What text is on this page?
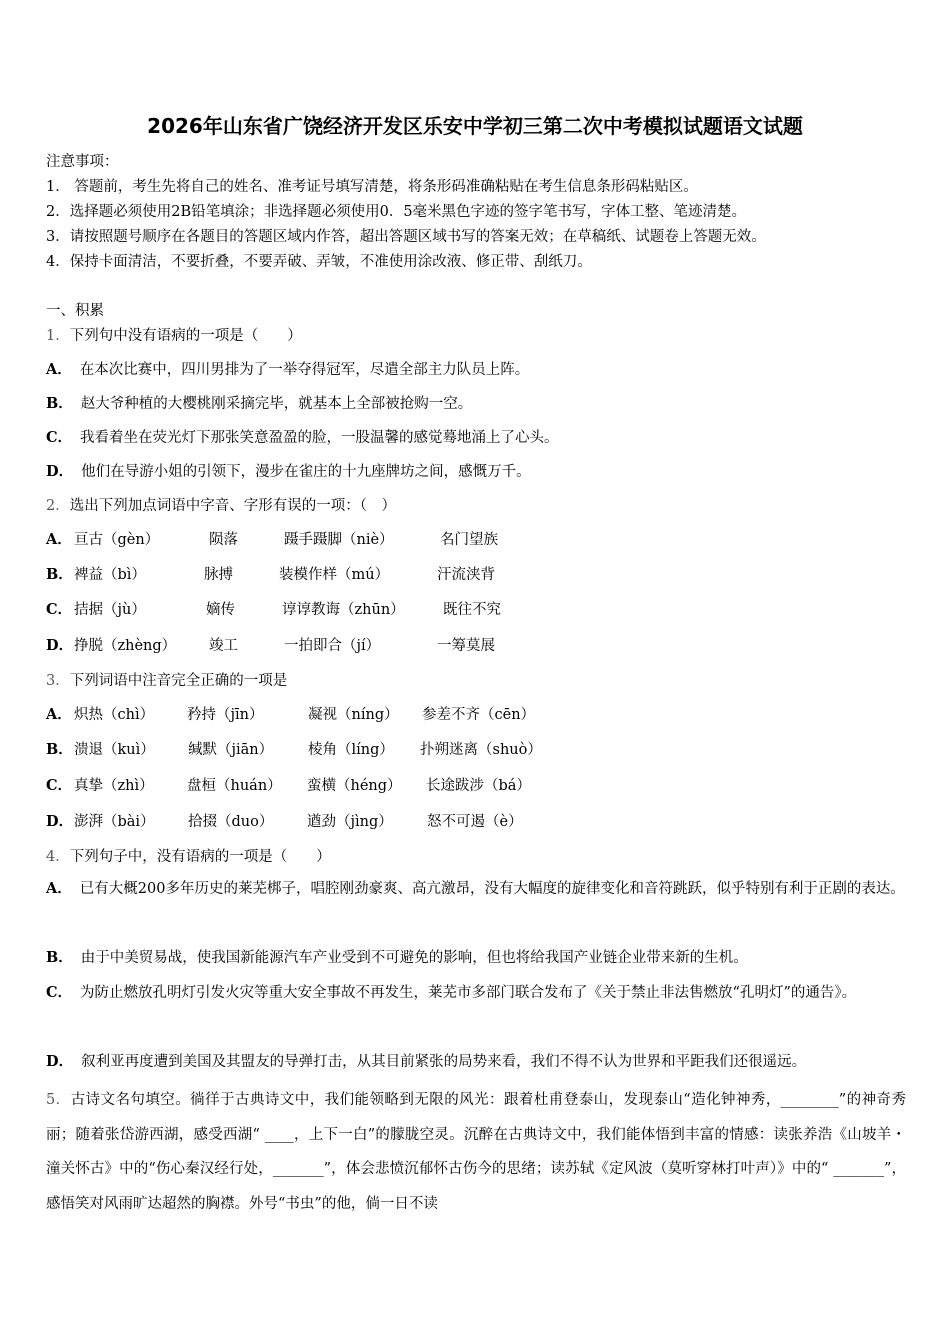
2026年山东省广饶经济开发区乐安中学初三第二次中考模拟试题语文试题
注意事项：
1． 答题前，考生先将自己的姓名、准考证号填写清楚，将条形码准确粘贴在考生信息条形码粘贴区。
2．选择题必须使用2B铅笔填涂；非选择题必须使用0．5毫米黑色字迹的签字笔书写，字体工整、笔迹清楚。
3．请按照题号顺序在各题目的答题区域内作答，超出答题区域书写的答案无效；在草稿纸、试题卷上答题无效。
4．保持卡面清洁，不要折叠，不要弄破、弄皱，不准使用涂改液、修正带、刮纸刀。
一、积累
1．下列句中没有语病的一项是（　　）
A． 在本次比赛中，四川男排为了一举夺得冠军，尽遣全部主力队员上阵。
B． 赵大爷种植的大樱桃刚采摘完毕，就基本上全部被抢购一空。
C． 我看着坐在荧光灯下那张笑意盈盈的脸，一股温馨的感觉蓦地涌上了心头。
D． 他们在导游小姐的引领下，漫步在雀庄的十九座牌坊之间，感慨万千。
2．选出下列加点词语中字音、字形有误的一项：（　）
A． 亘古（gèn）	陨落	蹑手蹑脚（niè）	名门望族
B． 裨益（bì）	脉搏	装模作样（mú）	汗流浃背
C． 拮据（jù）	嫡传	谆谆教诲（zhūn）	既往不究
D． 挣脱（zhèng） 竣工	一拍即合（jí）	一筹莫展
3．下列词语中注音完全正确的一项是
A． 炽热（chì） 矜持（jīn）	凝视（níng） 参差不齐（cēn）
B． 溃退（kuì） 缄默（jiān） 棱角（líng） 扑朔迷离（shuò）
C． 真挚（zhì） 盘桓（huán） 蛮横（héng） 长途跋涉（bá）
D． 澎湃（bài） 拾掇（duo） 遒劲（jìng） 怒不可遏（è）
4．下列句子中，没有语病的一项是（　　）
A． 已有大概200多年历史的莱芜梆子，唱腔刚劲豪爽、高亢激昂，没有大幅度的旋律变化和音符跳跃，似乎特别有利于正剧的表达。
B． 由于中美贸易战，使我国新能源汽车产业受到不可避免的影响，但也将给我国产业链企业带来新的生机。
C． 为防止燃放孔明灯引发火灾等重大安全事故不再发生，莱芜市多部门联合发布了《关于禁止非法售燃放“孔明灯”的通告》。
D． 叙利亚再度遭到美国及其盟友的导弹打击，从其目前紧张的局势来看，我们不得不认为世界和平距我们还很遥远。
5．古诗文名句填空。徜徉于古典诗文中，我们能领略到无限的风光：跟着杜甫登泰山，发现泰山“造化钟神秀，________”的神奇秀丽；随着张岱游西湖，感受西湖“ ____，上下一白”的朦胧空灵。沉醉在古典诗文中，我们能体悟到丰富的情感：读张养浩《山坡羊・潼关怀古》中的“伤心秦汉经行处，_______”，体会悲愤沉郁怀古伤今的思绪；读苏轼《定风波（莫听穿林打叶声）》中的“ _______”，感悟笑对风雨旷达超然的胸襟。外号“书虫”的他，倘一日不读
